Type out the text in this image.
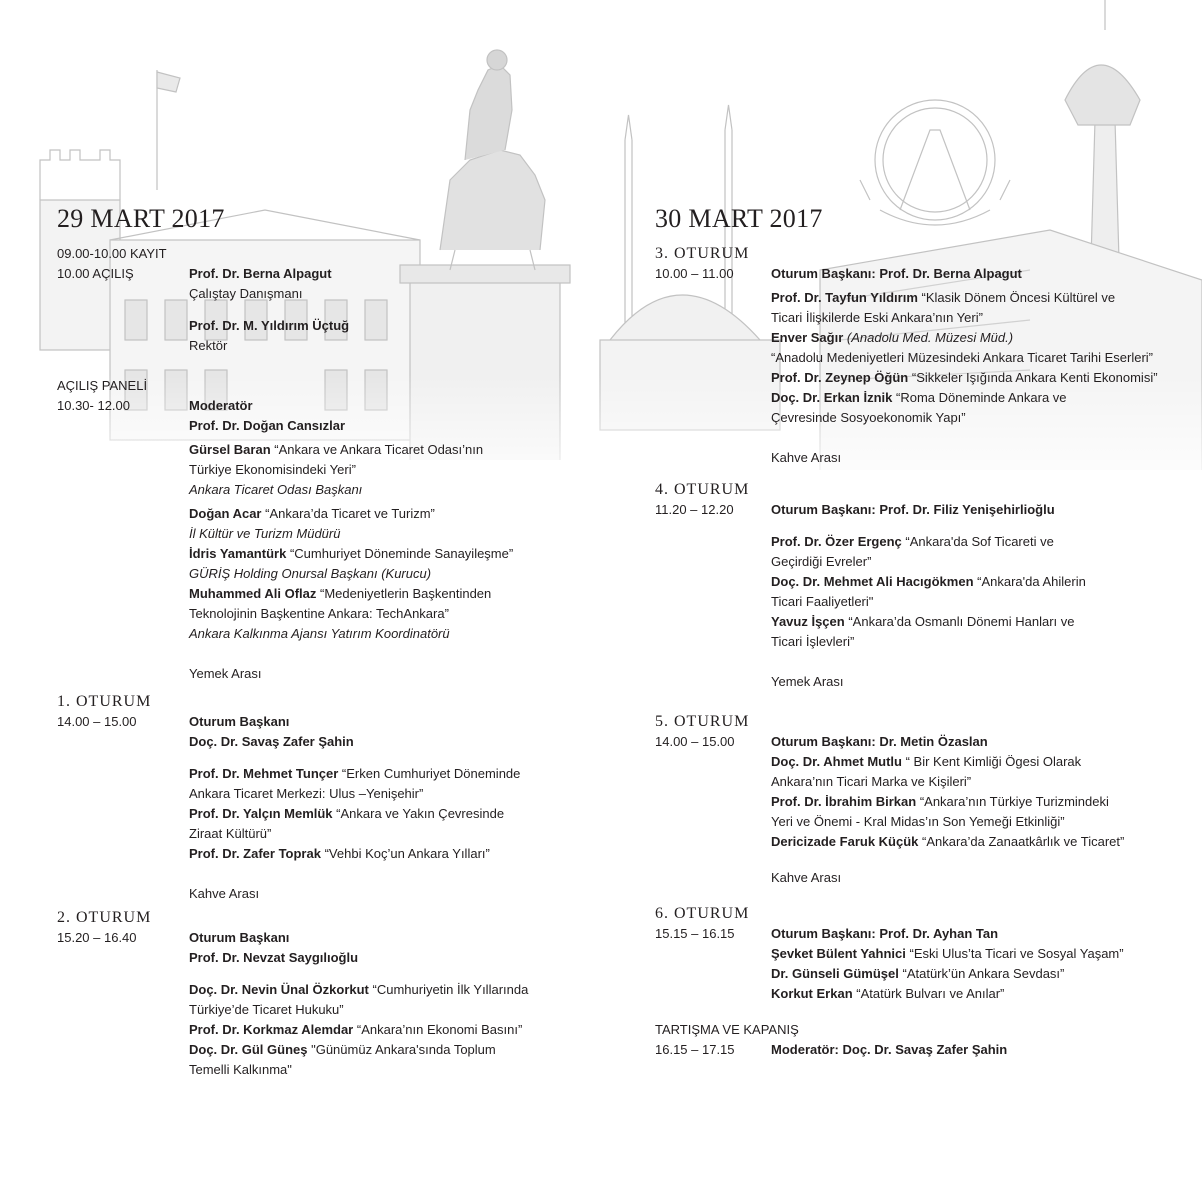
29 MART 2017
09.00-10.00 KAYIT
10.00 AÇILIŞ	Prof. Dr. Berna Alpagut
Çalıştay Danışmanı
Prof. Dr. M. Yıldırım Üçtuğ
Rektör
AÇILIŞ PANELİ
10.30- 12.00	Moderatör
Prof. Dr. Doğan Cansızlar
Gürsel Baran “Ankara ve Ankara Ticaret Odası’nın
Türkiye Ekonomisindeki Yeri”
Ankara Ticaret Odası Başkanı
Doğan Acar “Ankara’da Ticaret ve Turizm”
İl Kültür ve Turizm Müdürü
İdris Yamantürk “Cumhuriyet Döneminde Sanayileşme”
GÜRİŞ Holding Onursal Başkanı (Kurucu)
Muhammed Ali Oflaz “Medeniyetlerin Başkentinden
Teknolojinin Başkentine Ankara: TechAnkara”
Ankara Kalkınma Ajansı Yatırım Koordinatörü
Yemek Arası
1. OTURUM
14.00 – 15.00	Oturum Başkanı
Doç. Dr. Savaş Zafer Şahin
Prof. Dr. Mehmet Tunçer “Erken Cumhuriyet Döneminde
Ankara Ticaret Merkezi: Ulus –Yenişehir”
Prof. Dr. Yalçın Memlük “Ankara ve Yakın Çevresinde
Ziraat Kültürü”
Prof. Dr. Zafer Toprak “Vehbi Koç’un Ankara Yılları”
Kahve Arası
2. OTURUM
15.20 – 16.40	Oturum Başkanı
Prof. Dr. Nevzat Saygılıoğlu
Doç. Dr. Nevin Ünal Özkorkut “Cumhuriyetin İlk Yıllarında
Türkiye’de Ticaret Hukuku”
Prof. Dr. Korkmaz Alemdar “Ankara’nın Ekonomi Basını”
Doç. Dr. Gül Güneş "Günümüz Ankara'sında Toplum
Temelli Kalkınma"
30 MART 2017
3. OTURUM
10.00 – 11.00	Oturum Başkanı: Prof. Dr. Berna Alpagut
Prof. Dr. Tayfun Yıldırım “Klasik Dönem Öncesi Kültürel ve
Ticari İlişkilerde Eski Ankara’nın Yeri”
Enver Sağır (Anadolu Med. Müzesi Müd.)
“Anadolu Medeniyetleri Müzesindeki Ankara Ticaret Tarihi Eserleri”
Prof. Dr. Zeynep Öğün “Sikkeler Işığında Ankara Kenti Ekonomisi”
Doç. Dr. Erkan İznik “Roma Döneminde Ankara ve
Çevresinde Sosyoekonomik Yapı”
Kahve Arası
4. OTURUM
11.20 – 12.20	Oturum Başkanı: Prof. Dr. Filiz Yenişehirlioğlu
Prof. Dr. Özer Ergenç “Ankara'da Sof Ticareti ve
Geçirdiği Evreler”
Doç. Dr. Mehmet Ali Hacıgökmen “Ankara'da Ahilerin
Ticari Faaliyetleri"
Yavuz İşçen “Ankara’da Osmanlı Dönemi Hanları ve
Ticari İşlevleri”
Yemek Arası
5. OTURUM
14.00 – 15.00	Oturum Başkanı: Dr. Metin Özaslan
Doç. Dr. Ahmet Mutlu “ Bir Kent Kimliği Ögesi Olarak
Ankara’nın Ticari Marka ve Kişileri”
Prof. Dr. İbrahim Birkan “Ankara’nın Türkiye Turizmindeki
Yeri ve Önemi - Kral Midas’ın Son Yemeği Etkinliği”
Dericizade Faruk Küçük “Ankara’da Zanaatkârlık ve Ticaret”
Kahve Arası
6. OTURUM
15.15 – 16.15	Oturum Başkanı: Prof. Dr. Ayhan Tan
Şevket Bülent Yahnici “Eski Ulus’ta Ticari ve Sosyal Yaşam”
Dr. Günseli Gümüşel “Atatürk’ün Ankara Sevdası”
Korkut Erkan “Atatürk Bulvarı ve Anılar”
TARTIŞMA VE KAPANIŞ
16.15 – 17.15	Moderatör: Doç. Dr. Savaş Zafer Şahin
